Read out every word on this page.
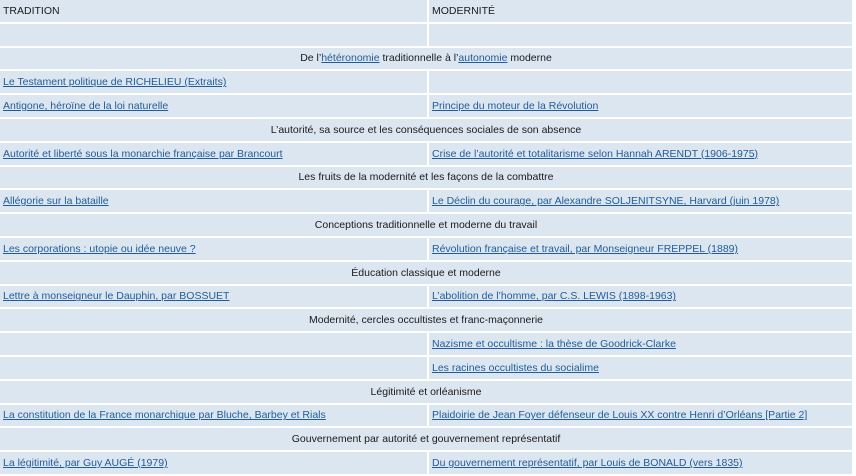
TRADITION	MODERNITÉ

De l’hétéronomie traditionnelle à l’autonomie moderne	
Le Testament politique de RICHELIEU (Extraits)	
Antigone, héroïne de la loi naturelle	Principe du moteur de la Révolution
L’autorité, sa source et les conséquences sociales de son absence	
Autorité et liberté sous la monarchie française par Brancourt	Crise de l’autorité et totalitarisme selon Hannah ARENDT (1906-1975)
Les fruits de la modernité et les façons de la combattre	
Allégorie sur la bataille	Le Déclin du courage, par Alexandre SOLJENITSYNE, Harvard (juin 1978)
Conceptions traditionnelle et moderne du travail	
Les corporations : utopie ou idée neuve ?	Révolution française et travail, par Monseigneur FREPPEL (1889)
Éducation classique et moderne	
Lettre à monseigneur le Dauphin, par BOSSUET	L’abolition de l’homme, par C.S. LEWIS (1898-1963)
Modernité, cercles occultistes et franc-maçonnerie	
	Nazisme et occultisme : la thèse de Goodrick-Clarke
	Les racines occultistes du socialime
Légitimité et orléanisme	
La constitution de la France monarchique par Bluche, Barbey et Rials	Plaidoirie de Jean Foyer défenseur de Louis XX contre Henri d’Orléans [Partie 2]
Gouvernement par autorité et gouvernement représentatif	
La légitimité, par Guy AUGÉ (1979)	Du gouvernement représentatif, par Louis de BONALD (vers 1835)
